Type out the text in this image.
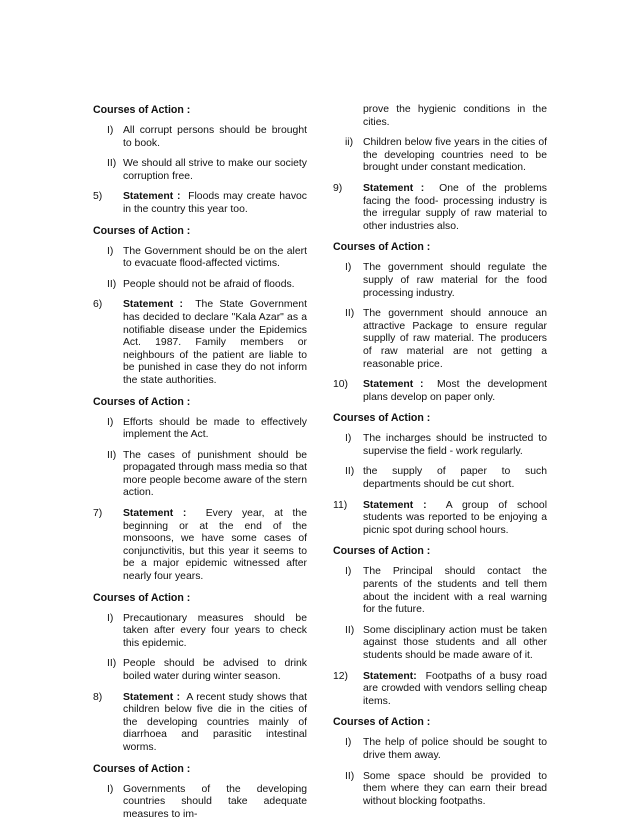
Courses of Action :

I) All corrupt persons should be brought to book.

II) We should all strive to make our society corruption free.

5) Statement : Floods may create havoc in the country this year too.

Courses of Action :

I) The Government should be on the alert to evacuate flood-affected victims.

II) People should not be afraid of floods.

6) Statement : The State Government has decided to declare "Kala Azar" as a notifiable disease under the Epidemics Act. 1987. Family members or neighbours of the patient are liable to be punished in case they do not inform the state authorities.

Courses of Action :

I) Efforts should be made to effectively implement the Act.

II) The cases of punishment should be propagated through mass media so that more people become aware of the stern action.

7) Statement : Every year, at the beginning or at the end of the monsoons, we have some cases of conjunctivitis, but this year it seems to be a major epidemic witnessed after nearly four years.

Courses of Action :

I) Precautionary measures should be taken after every four years to check this epidemic.

II) People should be advised to drink boiled water during winter season.

8) Statement : A recent study shows that children below five die in the cities of the developing countries mainly of diarrhoea and parasitic intestinal worms.

Courses of Action :

I) Governments of the developing countries should take adequate measures to im-

prove the hygienic conditions in the cities.

ii) Children below five years in the cities of the developing countries need to be brought under constant medication.

9) Statement : One of the problems facing the food- processing industry is the irregular supply of raw material to other industries also.

Courses of Action :

I) The government should regulate the supply of raw material for the food processing industry.

II) The government should annouce an attractive Package to ensure regular supplly of raw material. The producers of raw material are not getting a reasonable price.

10) Statement : Most the development plans develop on paper only.

Courses of Action :

I) The incharges should be instructed to supervise the field - work regularly.

II) the supply of paper to such departments should be cut short.

11) Statement : A group of school students was reported to be enjoying a picnic spot during school hours.

Courses of Action :

I) The Principal should contact the parents of the students and tell them about the incident with a real warning for the future.

II) Some disciplinary action must be taken against those students and all other students should be made aware of it.

12) Statement: Footpaths of a busy road are crowded with vendors selling cheap items.

Courses of Action :

I) The help of police should be sought to drive them away.

II) Some space should be provided to them where they can earn their bread without blocking footpaths.
